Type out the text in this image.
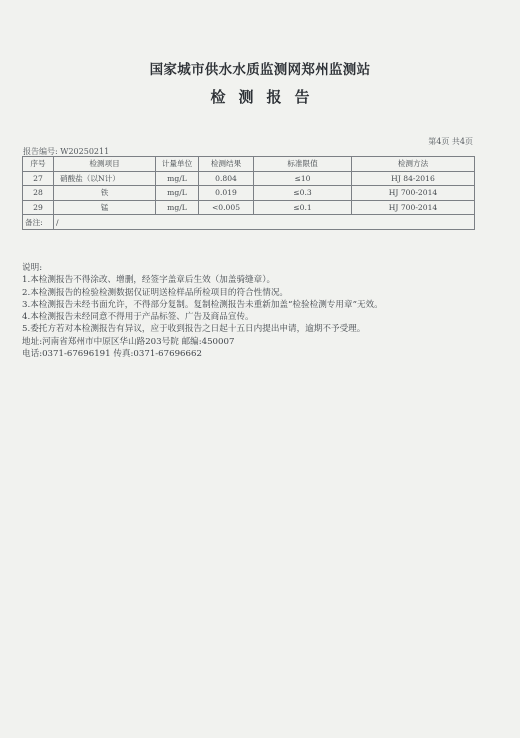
国家城市供水水质监测网郑州监测站
检测报告
第4页 共4页
报告编号: W20250211
序号	检测项目	计量单位	检测结果	标准限值	检测方法
27	硝酸盐（以N计）	mg/L	0.804	≤10	HJ 84-2016
28	铁	mg/L	0.019	≤0.3	HJ 700-2014
29	锰	mg/L	<0.005	≤0.1	HJ 700-2014
备注:	/				
说明:
1.本检测报告不得涂改、增删，经签字盖章后生效（加盖骑缝章）。
2.本检测报告的检验检测数据仅证明送检样品所检项目的符合性情况。
3.本检测报告未经书面允许，不得部分复制。复制检测报告未重新加盖“检验检测专用章”无效。
4.本检测报告未经同意不得用于产品标签、广告及商品宣传。
5.委托方若对本检测报告有异议，应于收到报告之日起十五日内提出申请，逾期不予受理。
地址:河南省郑州市中原区华山路203号院 邮编:450007
电话:0371-67696191 传真:0371-67696662
